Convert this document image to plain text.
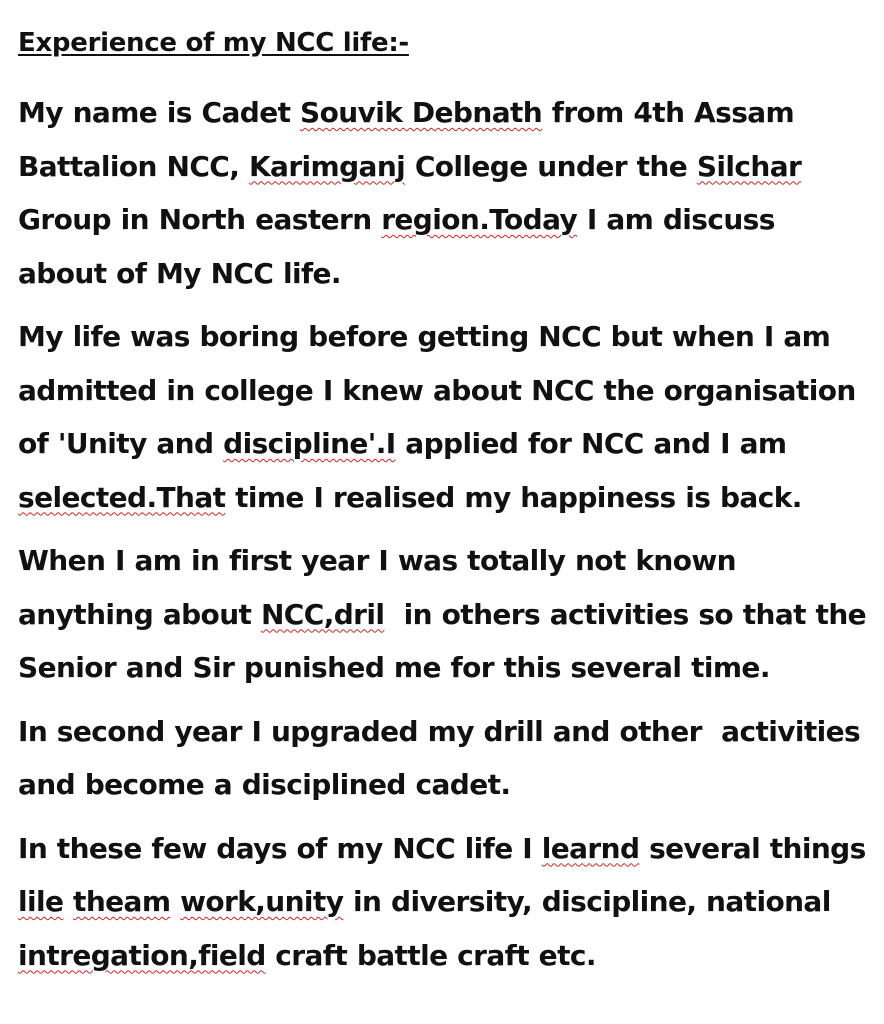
Experience of my NCC life:-
My name is Cadet Souvik Debnath from 4th Assam
Battalion NCC, Karimganj College under the Silchar
Group in North eastern region.Today I am discuss
about of My NCC life.
My life was boring before getting NCC but when I am
admitted in college I knew about NCC the organisation
of 'Unity and discipline'.I applied for NCC and I am
selected.That time I realised my happiness is back.
When I am in first year I was totally not known
anything about NCC,dril  in others activities so that the
Senior and Sir punished me for this several time.
In second year I upgraded my drill and other  activities
and become a disciplined cadet.
In these few days of my NCC life I learnd several things
lile theam work,unity in diversity, discipline, national
intregation,field craft battle craft etc.
